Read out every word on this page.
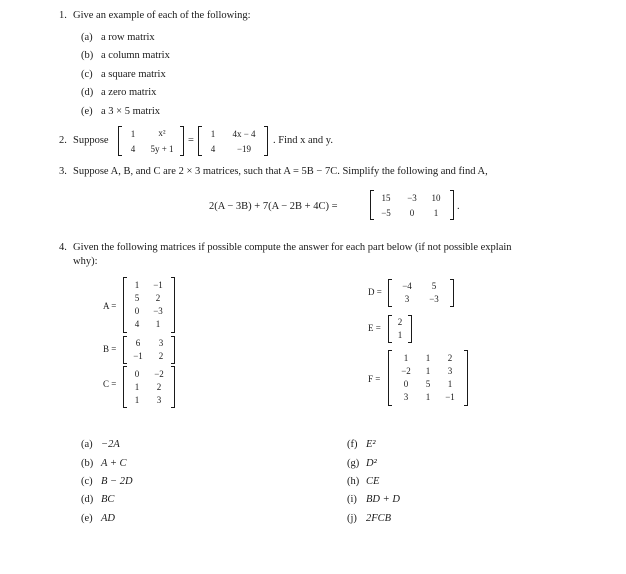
1. Give an example of each of the following:
(a) a row matrix
(b) a column matrix
(c) a square matrix
(d) a zero matrix
(e) a 3 × 5 matrix
2. Suppose
1	x²
4 5y + 1
=
1 4x − 4
4 −19
. Find x and y.
3. Suppose A, B, and C are 2 × 3 matrices, such that A = 5B − 7C. Simplify the following and find A,
2(A − 3B) + 7(A − 2B + 4C) =
15 −3 10
−5 0 1
.
4. Given the following matrices if possible compute the answer for each part below (if not possible explain
why):
A =
1 −1
5 2
0 −3
4 1
B =
6 3
−1 2
C =
0 −2
1 2
1 3
D =
−4 5
3 −3
E =
2
1
F =
1 1 2
−2 1 3
0 5 1
3 1 −1
(a) −2A
(b) A + C
(c) B − 2D
(d) BC
(e) AD
(f) E²
(g) D²
(h) CE
(i) BD + D
(j) 2FCB
